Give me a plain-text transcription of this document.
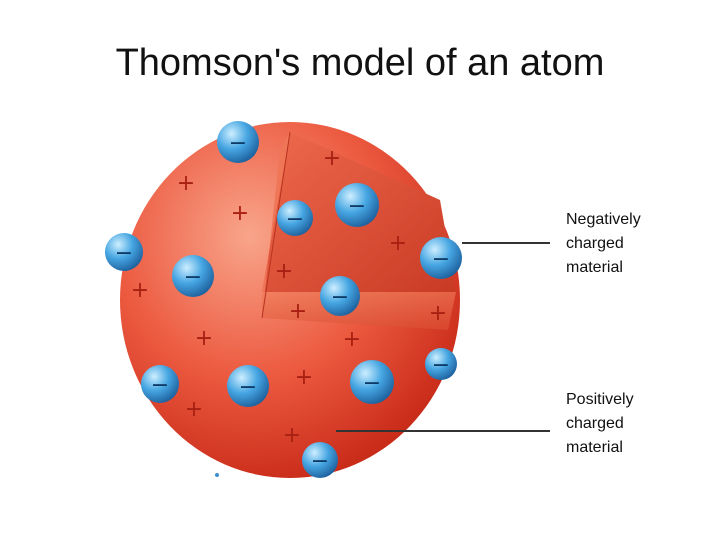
Thomson's model of an atom
+
+
+
+
+
+
+	+
+
+
+
+
+
−
−
−
−
−
−
−
−	−	−
−
−
Negatively
charged
material
Positively
charged
material
